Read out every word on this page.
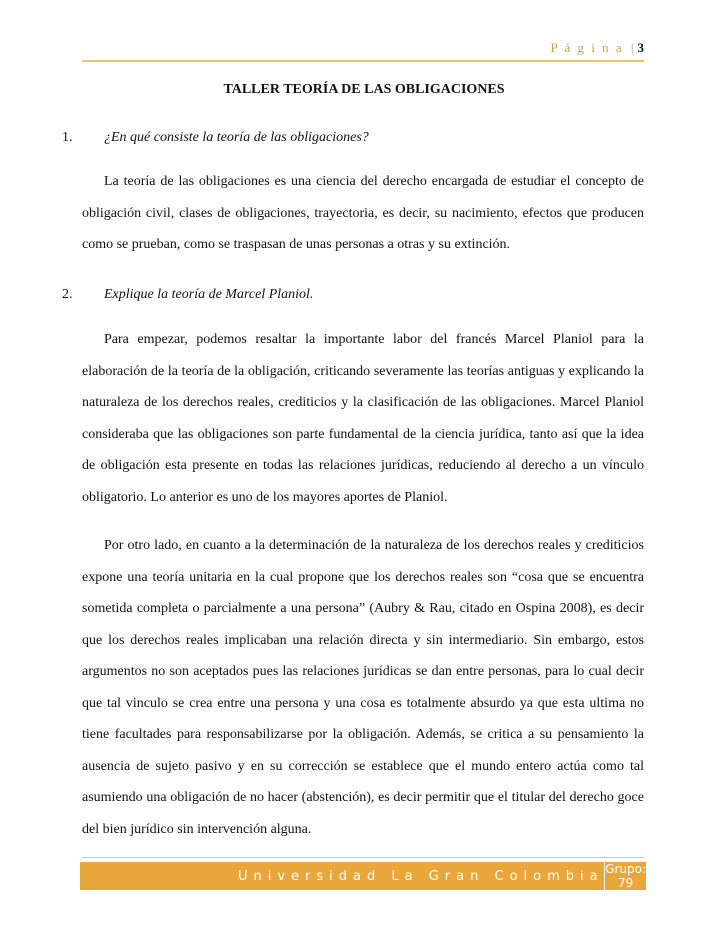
P á g i n a | 3
TALLER TEORÍA DE LAS OBLIGACIONES
1. ¿En qué consiste la teoría de las obligaciones?

La teoría de las obligaciones es una ciencia del derecho encargada de estudiar el concepto de obligación civil, clases de obligaciones, trayectoria, es decir, su nacimiento, efectos que producen como se prueban, como se traspasan de unas personas a otras y su extinción.

2. Explique la teoría de Marcel Planiol.

Para empezar, podemos resaltar la importante labor del francés Marcel Planiol para la elaboración de la teoría de la obligación, criticando severamente las teorías antiguas y explicando la naturaleza de los derechos reales, crediticios y la clasificación de las obligaciones. Marcel Planiol consideraba que las obligaciones son parte fundamental de la ciencia jurídica, tanto así que la idea de obligación esta presente en todas las relaciones jurídicas, reduciendo al derecho a un vínculo obligatorio. Lo anterior es uno de los mayores aportes de Planiol.

Por otro lado, en cuanto a la determinación de la naturaleza de los derechos reales y crediticios expone una teoría unitaria en la cual propone que los derechos reales son “cosa que se encuentra sometida completa o parcialmente a una persona” (Aubry & Rau, citado en Ospina 2008), es decir que los derechos reales implicaban una relación directa y sin intermediario. Sin embargo, estos argumentos no son aceptados pues las relaciones jurídicas se dan entre personas, para lo cual decir que tal vinculo se crea entre una persona y una cosa es totalmente absurdo ya que esta ultima no tiene facultades para responsabilizarse por la obligación. Además, se critica a su pensamiento la ausencia de sujeto pasivo y en su corrección se establece que el mundo entero actúa como tal asumiendo una obligación de no hacer (abstención), es decir permitir que el titular del derecho goce del bien jurídico sin intervención alguna.

Universidad La Gran Colombia Grupo: 79
